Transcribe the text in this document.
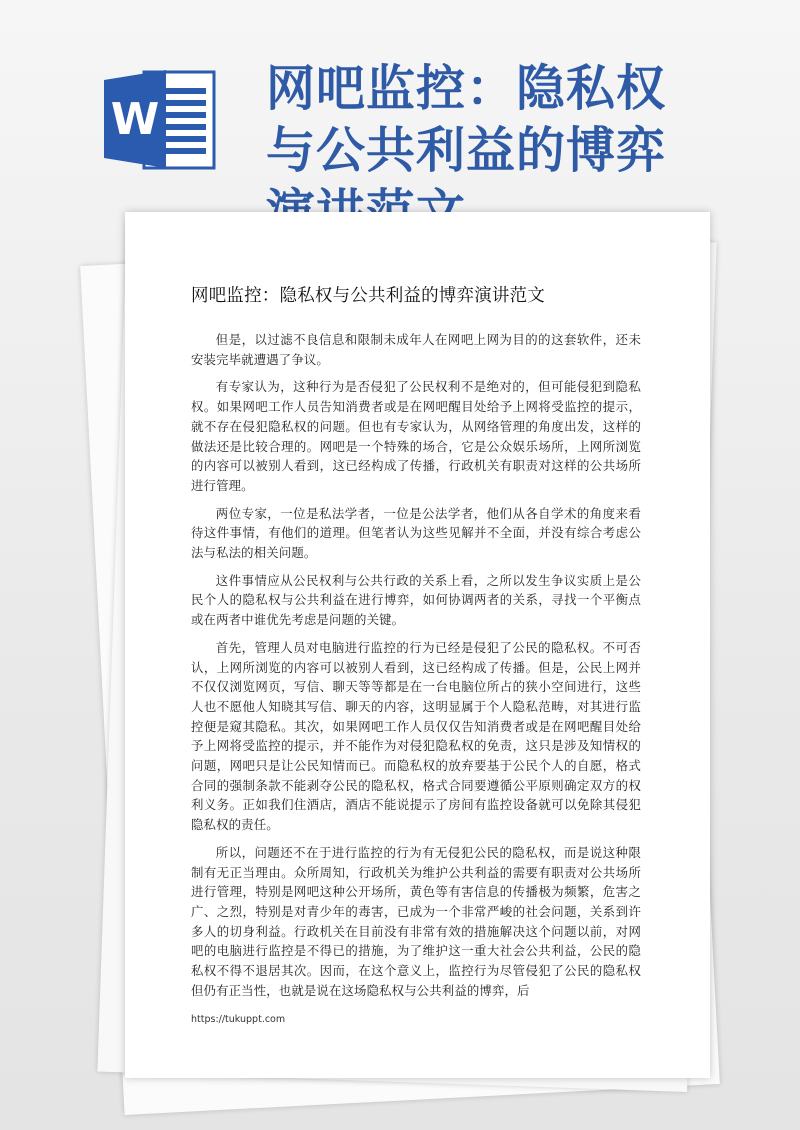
W
网吧监控：隐私权与公共利益的博弈
网吧监控：隐私权与公共利益的博弈演讲范文

但是，以过滤不良信息和限制未成年人在网吧上网为目的的这套软件，还未安装完毕就遭遇了争议。

有专家认为，这种行为是否侵犯了公民权利不是绝对的，但可能侵犯到隐私权。如果网吧工作人员告知消费者或是在网吧醒目处给予上网将受监控的提示，就不存在侵犯隐私权的问题。但也有专家认为，从网络管理的角度出发，这样的做法还是比较合理的。网吧是一个特殊的场合，它是公众娱乐场所，上网所浏览的内容可以被别人看到，这已经构成了传播，行政机关有职责对这样的公共场所进行管理。

两位专家，一位是私法学者，一位是公法学者，他们从各自学术的角度来看待这件事情，有他们的道理。但笔者认为这些见解并不全面，并没有综合考虑公法与私法的相关问题。

这件事情应从公民权利与公共行政的关系上看，之所以发生争议实质上是公民个人的隐私权与公共利益在进行博弈，如何协调两者的关系，寻找一个平衡点或在两者中谁优先考虑是问题的关键。

首先，管理人员对电脑进行监控的行为已经是侵犯了公民的隐私权。不可否认，上网所浏览的内容可以被别人看到，这已经构成了传播。但是，公民上网并不仅仅浏览网页，写信、聊天等等都是在一台电脑位所占的狭小空间进行，这些人也不愿他人知晓其写信、聊天的内容，这明显属于个人隐私范畴，对其进行监控便是窥其隐私。其次，如果网吧工作人员仅仅告知消费者或是在网吧醒目处给予上网将受监控的提示，并不能作为对侵犯隐私权的免责，这只是涉及知情权的问题，网吧只是让公民知情而已。而隐私权的放弃要基于公民个人的自愿，格式合同的强制条款不能剥夺公民的隐私权，格式合同要遵循公平原则确定双方的权利义务。正如我们住酒店，酒店不能说提示了房间有监控设备就可以免除其侵犯隐私权的责任。

所以，问题还不在于进行监控的行为有无侵犯公民的隐私权，而是说这种限制有无正当理由。众所周知，行政机关为维护公共利益的需要有职责对公共场所进行管理，特别是网吧这种公开场所，黄色等有害信息的传播极为频繁，危害之广、之烈，特别是对青少年的毒害，已成为一个非常严峻的社会问题，关系到许多人的切身利益。行政机关在目前没有非常有效的措施解决这个问题以前，对网吧的电脑进行监控是不得已的措施，为了维护这一重大社会公共利益，公民的隐私权不得不退居其次。因而，在这个意义上，监控行为尽管侵犯了公民的隐私权但仍有正当性，也就是说在这场隐私权与公共利益的博弈，后

https://tukuppt.com
